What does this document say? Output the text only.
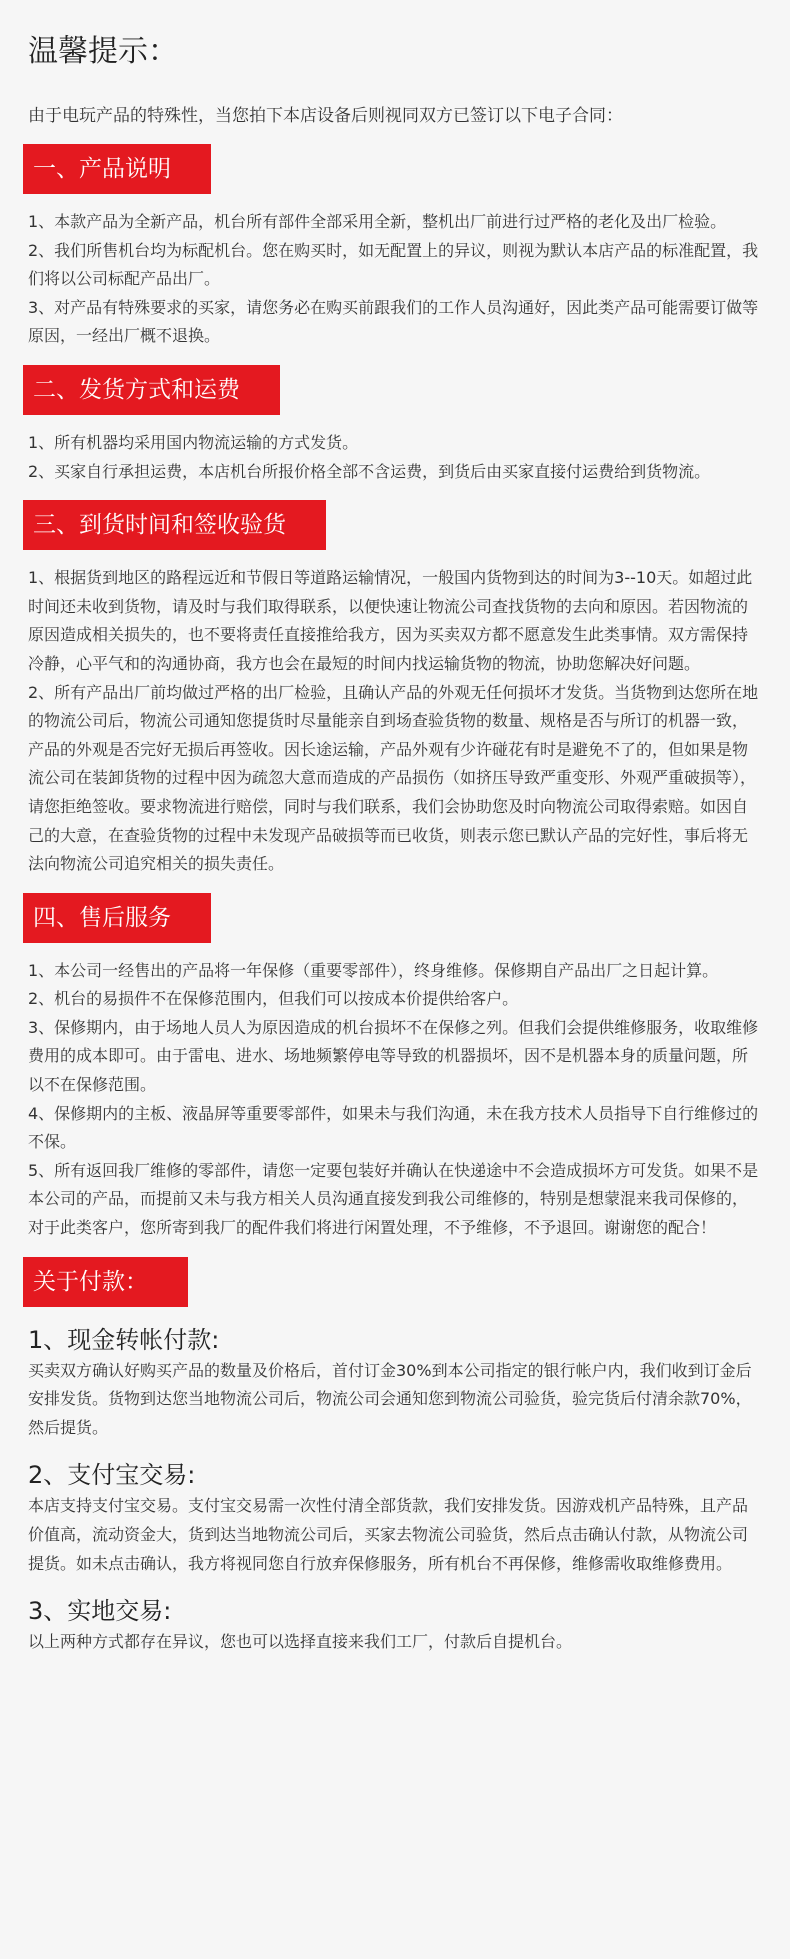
温馨提示：
由于电玩产品的特殊性，当您拍下本店设备后则视同双方已签订以下电子合同：
一、产品说明

1、本款产品为全新产品，机台所有部件全部采用全新，整机出厂前进行过严格的老化及出厂检验。

2、我们所售机台均为标配机台。您在购买时，如无配置上的异议，则视为默认本店产品的标准配置，我们将以公司标配产品出厂。

3、对产品有特殊要求的买家，请您务必在购买前跟我们的工作人员沟通好，因此类产品可能需要订做等原因，一经出厂概不退换。

二、发货方式和运费

1、所有机器均采用国内物流运输的方式发货。

2、买家自行承担运费，本店机台所报价格全部不含运费，到货后由买家直接付运费给到货物流。

三、到货时间和签收验货

1、根据货到地区的路程远近和节假日等道路运输情况，一般国内货物到达的时间为3--10天。如超过此时间还未收到货物，请及时与我们取得联系，以便快速让物流公司查找货物的去向和原因。若因物流的原因造成相关损失的，也不要将责任直接推给我方，因为买卖双方都不愿意发生此类事情。双方需保持冷静，心平气和的沟通协商，我方也会在最短的时间内找运输货物的物流，协助您解决好问题。

2、所有产品出厂前均做过严格的出厂检验，且确认产品的外观无任何损坏才发货。当货物到达您所在地的物流公司后，物流公司通知您提货时尽量能亲自到场查验货物的数量、规格是否与所订的机器一致，产品的外观是否完好无损后再签收。因长途运输，产品外观有少许碰花有时是避免不了的，但如果是物流公司在装卸货物的过程中因为疏忽大意而造成的产品损伤（如挤压导致严重变形、外观严重破损等），请您拒绝签收。要求物流进行赔偿，同时与我们联系，我们会协助您及时向物流公司取得索赔。如因自己的大意，在查验货物的过程中未发现产品破损等而已收货，则表示您已默认产品的完好性，事后将无法向物流公司追究相关的损失责任。

四、售后服务

1、本公司一经售出的产品将一年保修（重要零部件），终身维修。保修期自产品出厂之日起计算。

2、机台的易损件不在保修范围内，但我们可以按成本价提供给客户。

3、保修期内，由于场地人员人为原因造成的机台损坏不在保修之列。但我们会提供维修服务，收取维修费用的成本即可。由于雷电、进水、场地频繁停电等导致的机器损坏，因不是机器本身的质量问题，所以不在保修范围。

4、保修期内的主板、液晶屏等重要零部件，如果未与我们沟通，未在我方技术人员指导下自行维修过的不保。

5、所有返回我厂维修的零部件，请您一定要包装好并确认在快递途中不会造成损坏方可发货。如果不是本公司的产品，而提前又未与我方相关人员沟通直接发到我公司维修的，特别是想蒙混来我司保修的，对于此类客户，您所寄到我厂的配件我们将进行闲置处理，不予维修，不予退回。谢谢您的配合！

关于付款：
1、现金转帐付款:
买卖双方确认好购买产品的数量及价格后，首付订金30%到本公司指定的银行帐户内，我们收到订金后安排发货。货物到达您当地物流公司后，物流公司会通知您到物流公司验货，验完货后付清余款70%，然后提货。
2、支付宝交易:
本店支持支付宝交易。支付宝交易需一次性付清全部货款，我们安排发货。因游戏机产品特殊，且产品价值高，流动资金大，货到达当地物流公司后，买家去物流公司验货，然后点击确认付款，从物流公司提货。如未点击确认，我方将视同您自行放弃保修服务，所有机台不再保修，维修需收取维修费用。
3、实地交易:
以上两种方式都存在异议，您也可以选择直接来我们工厂，付款后自提机台。
